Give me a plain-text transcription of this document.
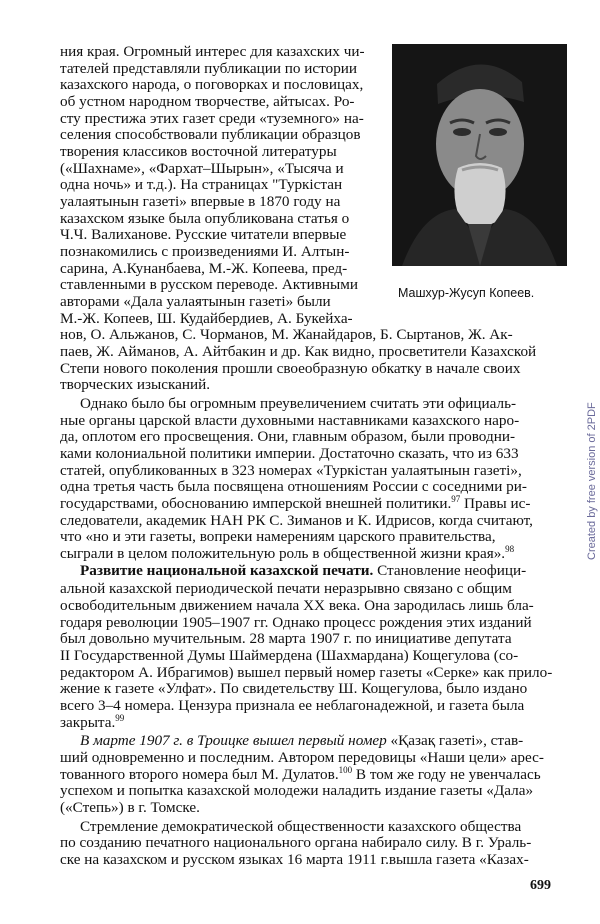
Машхур-Жусуп Копеев.
ния края. Огромный интерес для казахских чи-
тателей представляли публикации по истории
казахского народа, о поговорках и пословицах,
об устном народном творчестве, айтысах. Ро-
сту престижа этих газет среди «туземного» на-
селения способствовали публикации образцов
творения классиков восточной литературы
(«Шахнаме», «Фархат–Шырын», «Тысяча и
одна ночь» и т.д.). На страницах "Туркістан
уалаятынын газеті» впервые в 1870 году на
казахском языке была опубликована статья о
Ч.Ч. Валиханове. Русские читатели впервые
познакомились с произведениями И. Алтын-
сарина, А.Кунанбаева, М.-Ж. Копеева, пред-
ставленными в русском переводе. Активными
авторами «Дала уалаятынын газеті» были
М.-Ж. Копеев, Ш. Кудайбердиев, А. Букейха-
нов, О. Альжанов, С. Чорманов, М. Жанайдаров, Б. Сыртанов, Ж. Ак-
паев, Ж. Айманов, А. Айтбакин и др. Как видно, просветители Казахской
Степи нового поколения прошли своеобразную обкатку в начале своих
творческих изысканий.
Однако было бы огромным преувеличением считать эти официаль-
ные органы царской власти духовными наставниками казахского наро-
да, оплотом его просвещения. Они, главным образом, были проводни-
ками колониальной политики империи. Достаточно сказать, что из 633
статей, опубликованных в 323 номерах «Туркістан уалаятынын газеті»,
одна третья часть была посвящена отношениям России с соседними ри-
государствами, обоснованию имперской внешней политики.$^{97}$ Правы ис-
следователи, академик НАН РК С. Зиманов и К. Идрисов, когда считают,
что «но и эти газеты, вопреки намерениям царского правительства,
сыграли в целом положительную роль в общественной жизни края».$^{98}$
Развитие национальной казахской печати. Становление неофици-
альной казахской периодической печати неразрывно связано с общим
освободительным движением начала XX века. Она зародилась лишь бла-
годаря революции 1905–1907 гг. Однако процесс рождения этих изданий
был довольно мучительным. 28 марта 1907 г. по инициативе депутата
II Государственной Думы Шаймердена (Шахмардана) Кощегулова (со-
редактором А. Ибрагимов) вышел первый номер газеты «Серке» как прило-
жение к газете «Улфат». По свидетельству Ш. Кощегулова, было издано
всего 3–4 номера. Цензура признала ее неблагонадежной, и газета была
закрыта.$^{99}$
В марте 1907 г. в Троицке вышел первый номер «Қазақ газеті», став-
ший одновременно и последним. Автором передовицы «Наши цели» арес-
тованного второго номера был М. Дулатов.$^{100}$ В том же году не увенчалась
успехом и попытка казахской молодежи наладить издание газеты «Дала»
(«Степь») в г. Томске.
Стремление демократической общественности казахского общества
по созданию печатного национального органа набирало силу. В г. Ураль-
ске на казахском и русском языках 16 марта 1911 г.вышла газета «Казах-
Created by free version of 2PDF
699
